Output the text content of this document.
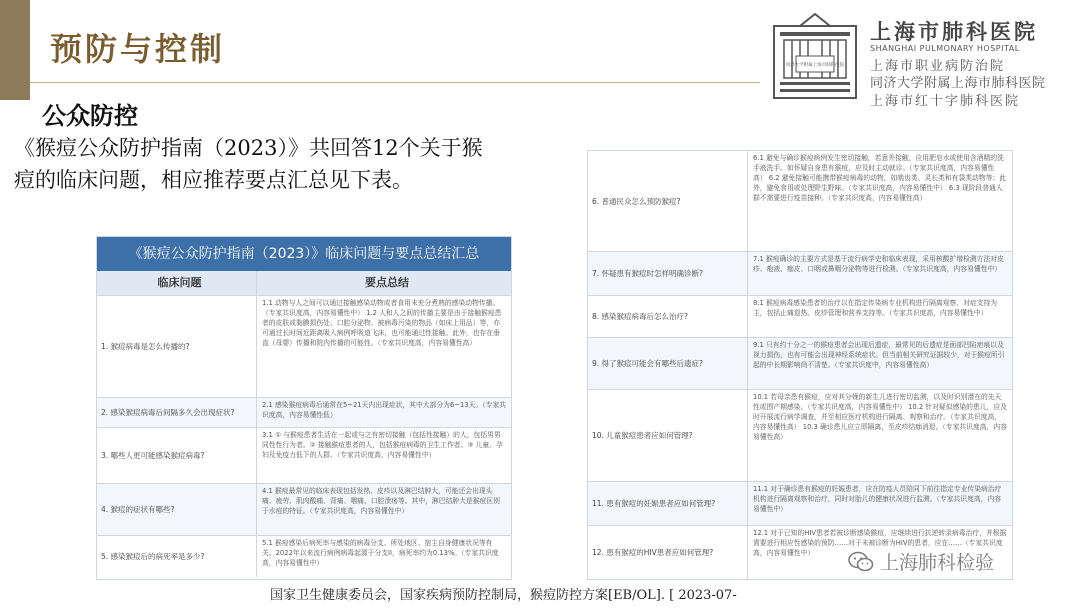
预防与控制	同济大学附属上海市肺科医院
上海市肺科医院
SHANGHAI PULMONARY HOSPITAL
上海市职业病防治院
同济大学附属上海市肺科医院
上海市红十字肺科医院
公众防控
《猴痘公众防护指南（2023）》共回答12个关于猴痘的临床问题，相应推荐要点汇总见下表。
《猴痘公众防护指南（2023）》临床问题与要点总结汇总
临床问题	要点总结
1. 猴痘病毒是怎么传播的?
1.1 动物与人之间可以通过接触感染动物或者食用未充分煮熟的感染动物传播。（专家共识度高，内容易懂性中） 1.2 人和人之间的传播主要是由于接触猴痘患者的皮肤或黏膜损伤处、口腔分泌物、被病毒污染的物品（如床上用品）等，亦可通过长时间近距离吸入病例呼吸道飞沫，也可能通过性接触。此外，也存在垂直（母婴）传播和院内传播的可能性。（专家共识度高，内容易懂性高）
2. 感染猴痘病毒后间隔多久会出现症状?
2.1 感染猴痘病毒后通常在5~21天内出现症状，其中大部分为6~13天。（专家共识度高，内容易懂性低）
3. 哪些人更可能感染猴痘病毒?
3.1 ① 与猴痘患者生活在一起或与之有密切接触（包括性接触）的人，包括男男同性性行为者。② 接触猴痘患者的人，包括猴痘病毒的卫生工作者。③ 儿童、孕妇及免疫力低下的人群。（专家共识度高，内容易懂性中）
4. 猴痘的症状有哪些?
4.1 猴痘最常见的临床表现包括发热、皮疹以及淋巴结肿大，可能还会出现头痛、疲劳、肌肉酸痛、背痛、咽痛、口腔溃疡等。其中，淋巴结肿大是猴痘区别于水痘的特征。（专家共识度高，内容易懂性中）
5. 感染猴痘后的病死率是多少?
5.1 猴痘感染后病死率与感染的病毒分支、所处地区、宿主自身健康状况等有关。2022年以来流行病例病毒起源于分支II，病死率约为0.13%。（专家共识度高，内容易懂性中）
6. 普通民众怎么预防猴痘?
6.1 避免与确诊猴痘病例发生密切接触，若意外接触，应用肥皂水或使用含酒精的洗手液洗手。如怀疑自身患有猴痘，应及时主动就诊。（专家共识度高，内容易懂性高） 6.2 避免接触可能携带猴痘病毒的动物，如啮齿类、灵长类和有袋类动物等；此外，避免食用或处理野生野味。（专家共识度高，内容易懂性中） 6.3 现阶段普通人群不需要进行疫苗接种。（专家共识度高，内容易懂性高）
7. 怀疑患有猴痘时怎样明确诊断?
7.1 猴痘确诊的主要方式是基于流行病学史和临床表现，采用核酸扩增检测方法对皮疹、疱液、痂皮、口咽或鼻咽分泌物等进行检测。（专家共识度高，内容易懂性中）
8. 感染猴痘病毒后怎么治疗?
8.1 猴痘病毒感染患者的治疗以在指定传染病专业机构进行隔离观察、对症支持为主，包括止痛退热、皮疹管理和营养支持等。（专家共识度高，内容易懂性中）
9. 得了猴痘可能会有哪些后遗症?
9.1 只有约十分之一的猴痘患者会出现后遗症，最常见的后遗症是面部凹陷疤痕以及视力损伤，也有可能会出现神经系统症状。但当前相关研究证据较少，对于猴痘所引起的中长期影响尚不清楚。（专家共识度中，内容易懂性高）
10. 儿童猴痘患者应如何管理?
10.1 若母亲患有猴痘，应对其分娩的新生儿进行密切监测，以及时识别潜在的先天性或围产期感染。（专家共识度高，内容易懂性中） 10.2 针对疑似感染的患儿，应及时开展流行病学调查，并至相应医疗机构进行隔离、观察和治疗。（专家共识度高，内容易懂性高） 10.3 确诊患儿应立即隔离，至皮疹结痂消退。（专家共识度高，内容易懂性高）
11. 患有猴痘的妊娠患者应如何管理?
11.1 对于确诊患有猴痘的妊娠患者，应在防疫人员陪同下前往指定专业传染病治疗机构进行隔离观察和治疗，同时对胎儿的健康状况进行监测。（专家共识度高，内容易懂性中）
12. 患有猴痘的HIV患者应如何管理?
12.1 对于已知的HIV患者若被诊断感染猴痘，应继续进行抗逆转录病毒治疗，并根据需要进行相应性感染的预防……对于未被诊断为HIV的患者，应在……（专家共识度高，内容易懂性中）	上海肺科检验
国家卫生健康委员会，国家疾病预防控制局，猴痘防控方案[EB/OL]. [ 2023-07-
